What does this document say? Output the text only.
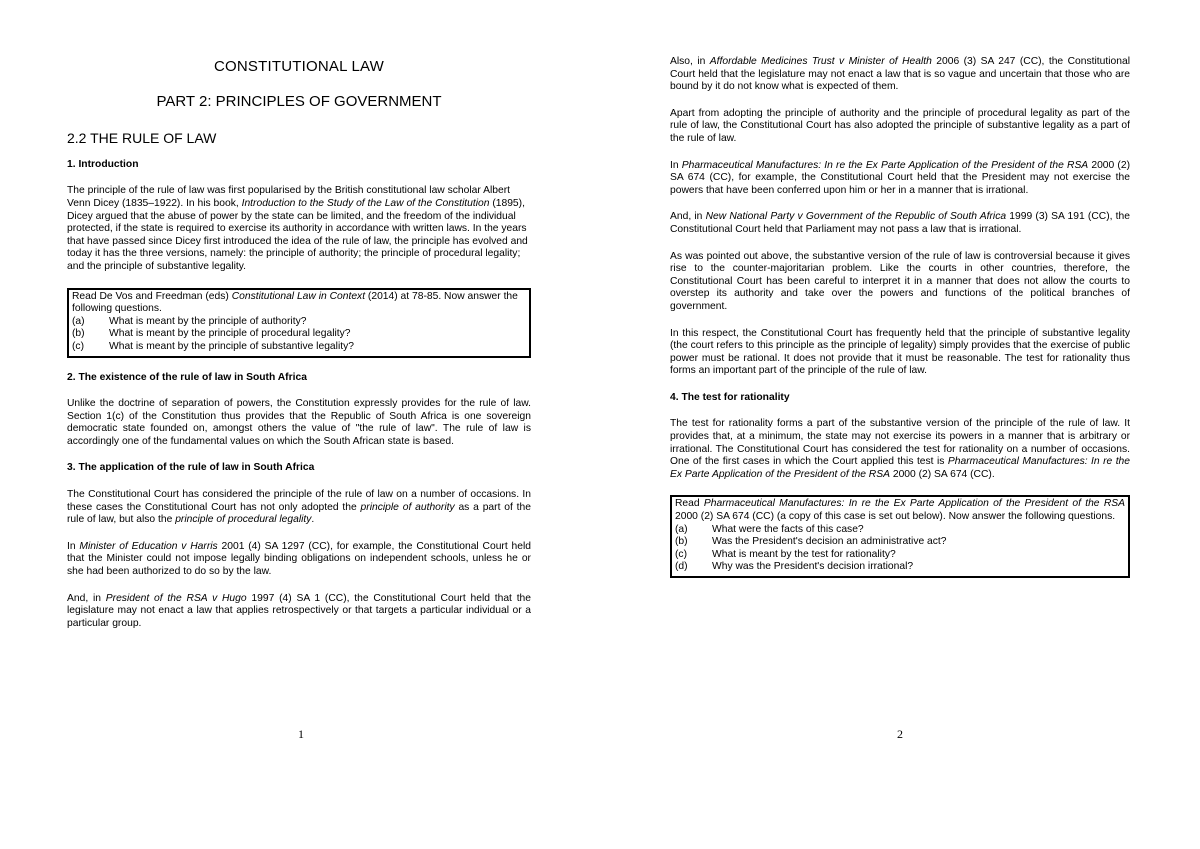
CONSTITUTIONAL LAW
PART 2: PRINCIPLES OF GOVERNMENT
2.2 THE RULE OF LAW
1. Introduction

The principle of the rule of law was first popularised by the British constitutional law scholar Albert Venn Dicey (1835–1922). In his book, Introduction to the Study of the Law of the Constitution (1895), Dicey argued that the abuse of power by the state can be limited, and the freedom of the individual protected, if the state is required to exercise its authority in accordance with written laws. In the years that have passed since Dicey first introduced the idea of the rule of law, the principle has evolved and today it has the three versions, namely: the principle of authority; the principle of procedural legality; and the principle of substantive legality.

Read De Vos and Freedman (eds) Constitutional Law in Context (2014) at 78-85. Now answer the following questions.

(a)	What is meant by the principle of authority?
(b)	What is meant by the principle of procedural legality?
(c)	What is meant by the principle of substantive legality?
2. The existence of the rule of law in South Africa

Unlike the doctrine of separation of powers, the Constitution expressly provides for the rule of law. Section 1(c) of the Constitution thus provides that the Republic of South Africa is one sovereign democratic state founded on, amongst others the value of "the rule of law". The rule of law is accordingly one of the fundamental values on which the South African state is based.

3. The application of the rule of law in South Africa

The Constitutional Court has considered the principle of the rule of law on a number of occasions. In these cases the Constitutional Court has not only adopted the principle of authority as a part of the rule of law, but also the principle of procedural legality.

In Minister of Education v Harris 2001 (4) SA 1297 (CC), for example, the Constitutional Court held that the Minister could not impose legally binding obligations on independent schools, unless he or she had been authorized to do so by the law.

And, in President of the RSA v Hugo 1997 (4) SA 1 (CC), the Constitutional Court held that the legislature may not enact a law that applies retrospectively or that targets a particular individual or a particular group.

1

Also, in Affordable Medicines Trust v Minister of Health 2006 (3) SA 247 (CC), the Constitutional Court held that the legislature may not enact a law that is so vague and uncertain that those who are bound by it do not know what is expected of them.

Apart from adopting the principle of authority and the principle of procedural legality as part of the rule of law, the Constitutional Court has also adopted the principle of substantive legality as a part of the rule of law.

In Pharmaceutical Manufactures: In re the Ex Parte Application of the President of the RSA 2000 (2) SA 674 (CC), for example, the Constitutional Court held that the President may not exercise the powers that have been conferred upon him or her in a manner that is irrational.

And, in New National Party v Government of the Republic of South Africa 1999 (3) SA 191 (CC), the Constitutional Court held that Parliament may not pass a law that is irrational.

As was pointed out above, the substantive version of the rule of law is controversial because it gives rise to the counter-majoritarian problem. Like the courts in other countries, therefore, the Constitutional Court has been careful to interpret it in a manner that does not allow the courts to overstep its authority and take over the powers and functions of the political branches of government.

In this respect, the Constitutional Court has frequently held that the principle of substantive legality (the court refers to this principle as the principle of legality) simply provides that the exercise of public power must be rational. It does not provide that it must be reasonable. The test for rationality thus forms an important part of the principle of the rule of law.

4. The test for rationality

The test for rationality forms a part of the substantive version of the principle of the rule of law. It provides that, at a minimum, the state may not exercise its powers in a manner that is arbitrary or irrational. The Constitutional Court has considered the test for rationality on a number of occasions. One of the first cases in which the Court applied this test is Pharmaceutical Manufactures: In re the Ex Parte Application of the President of the RSA 2000 (2) SA 674 (CC).

Read Pharmaceutical Manufactures: In re the Ex Parte Application of the President of the RSA 2000 (2) SA 674 (CC) (a copy of this case is set out below). Now answer the following questions.

(a)	What were the facts of this case?
(b)	Was the President's decision an administrative act?
(c)	What is meant by the test for rationality?
(d)	Why was the President's decision irrational?
2
